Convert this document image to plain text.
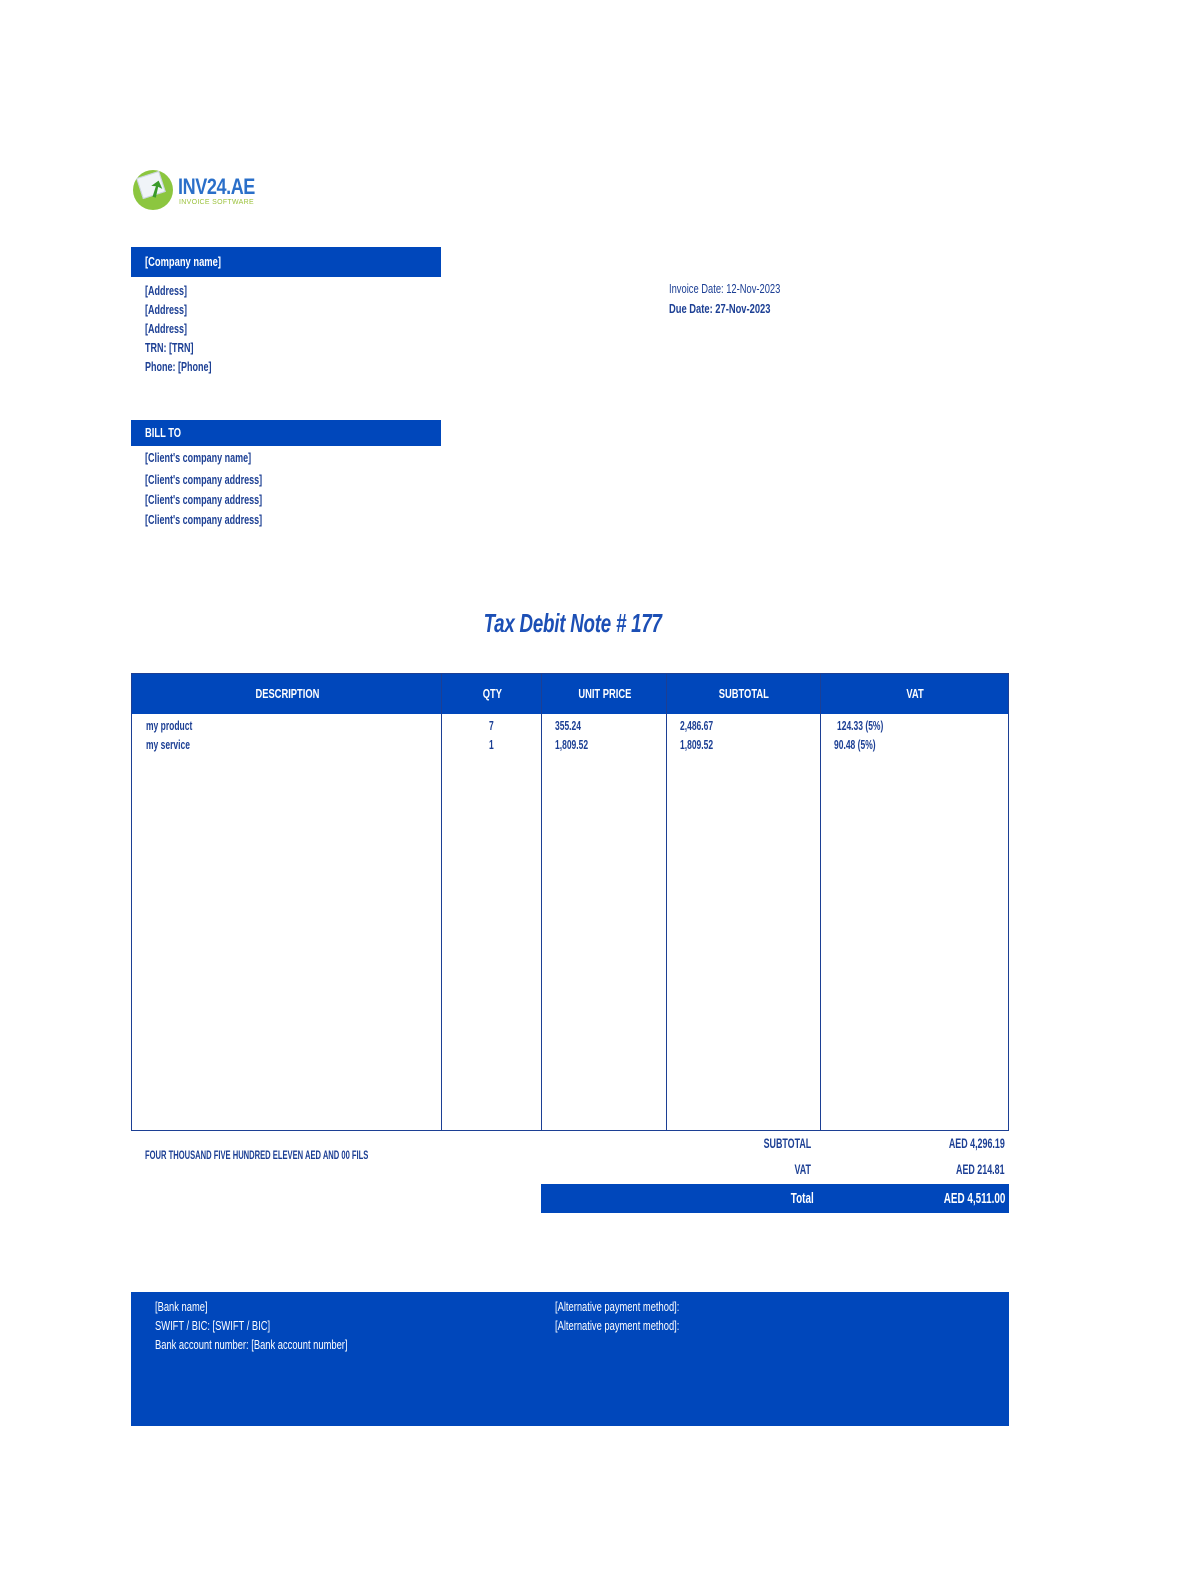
➚ INV24.AE
INVOICE SOFTWARE
[Company name]
[Address]
[Address]
[Address]
TRN: [TRN]
Phone: [Phone]
Invoice Date: 12-Nov-2023
Due Date: 27-Nov-2023
BILL TO
[Client's company name]
[Client's company address]
[Client's company address]
[Client's company address]
Tax Debit Note # 177
DESCRIPTION	QTY	UNIT PRICE	SUBTOTAL	VAT
my product	7	355.24	2,486.67	124.33 (5%)
my service	1	1,809.52	1,809.52	90.48 (5%)
FOUR THOUSAND FIVE HUNDRED ELEVEN AED AND 00 FILS
SUBTOTAL	AED 4,296.19
VAT	AED 214.81
Total	AED 4,511.00
[Bank name]
SWIFT / BIC: [SWIFT / BIC]
Bank account number: [Bank account number]
[Alternative payment method]:
[Alternative payment method]:
